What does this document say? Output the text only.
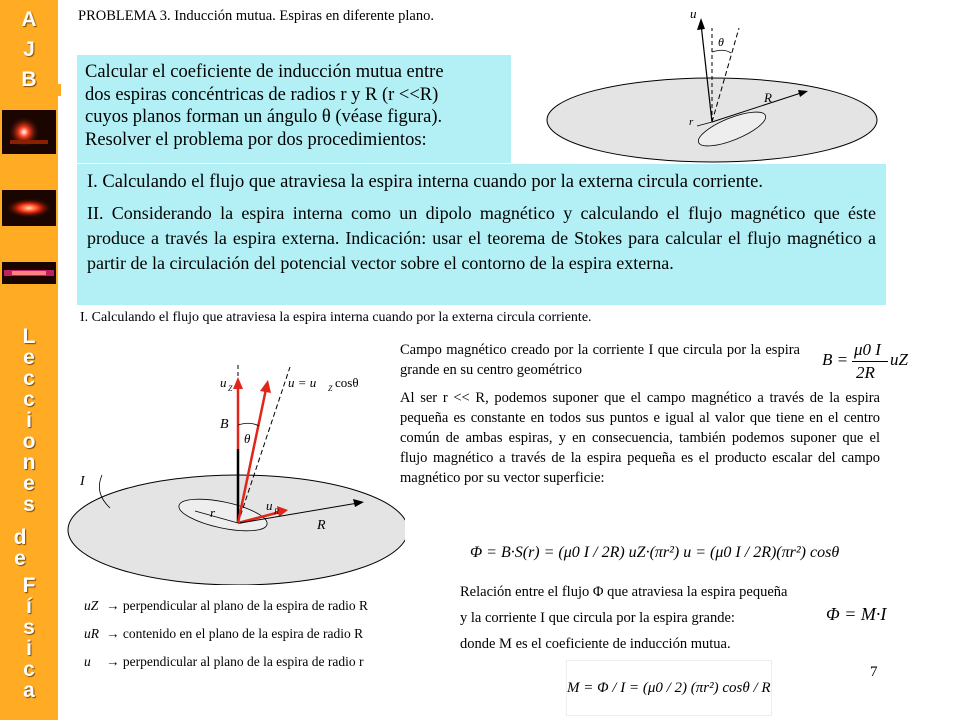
A
J
B
L
e
c
c
i
o
n
e
s
d
e
F
í
s
i
c
a
PROBLEMA 3. Inducción mutua. Espiras en diferente plano.
Calcular el coeficiente de inducción mutua entre
dos espiras concéntricas de radios r y R (r <<R)
cuyos planos forman un ángulo θ (véase figura).
Resolver el problema por dos procedimientos:
u
θ
R
r
I. Calculando el flujo que atraviesa la espira interna cuando por la externa circula corriente.
II. Considerando la espira interna como un dipolo magnético y calculando el flujo magnético que éste produce a través la espira externa. Indicación: usar el teorema de Stokes para calcular el flujo magnético a partir de la circulación del potencial vector sobre el contorno de la espira externa.
I. Calculando el flujo que atraviesa la espira interna cuando por la externa circula corriente.
u Z	u = u Z cosθ
B
θ
I
u R
r
R
uZ → perpendicular al plano de la espira de radio R
uR → contenido en el plano de la espira de radio R
u → perpendicular al plano de la espira de radio r
Campo magnético creado por la corriente I que circula por la espira grande en su centro geométrico
B =
μ0 I
2R
uZ
Al ser r << R, podemos suponer que el campo magnético a través de la espira pequeña es constante en todos sus puntos e igual al valor que tiene en el centro común de ambas espiras, y en consecuencia, también podemos suponer que el flujo magnético a través de la espira pequeña es el producto escalar del campo magnético por su vector superficie:
Φ = B·S(r) = (μ0 I / 2R) uZ·(πr²) u = (μ0 I / 2R)(πr²) cosθ
Relación entre el flujo Φ que atraviesa la espira pequeña
y la corriente I que circula por la espira grande:	Φ = M·I
donde M es el coeficiente de inducción mutua.
M = Φ / I = (μ0 / 2) (πr²) cosθ / R
7
